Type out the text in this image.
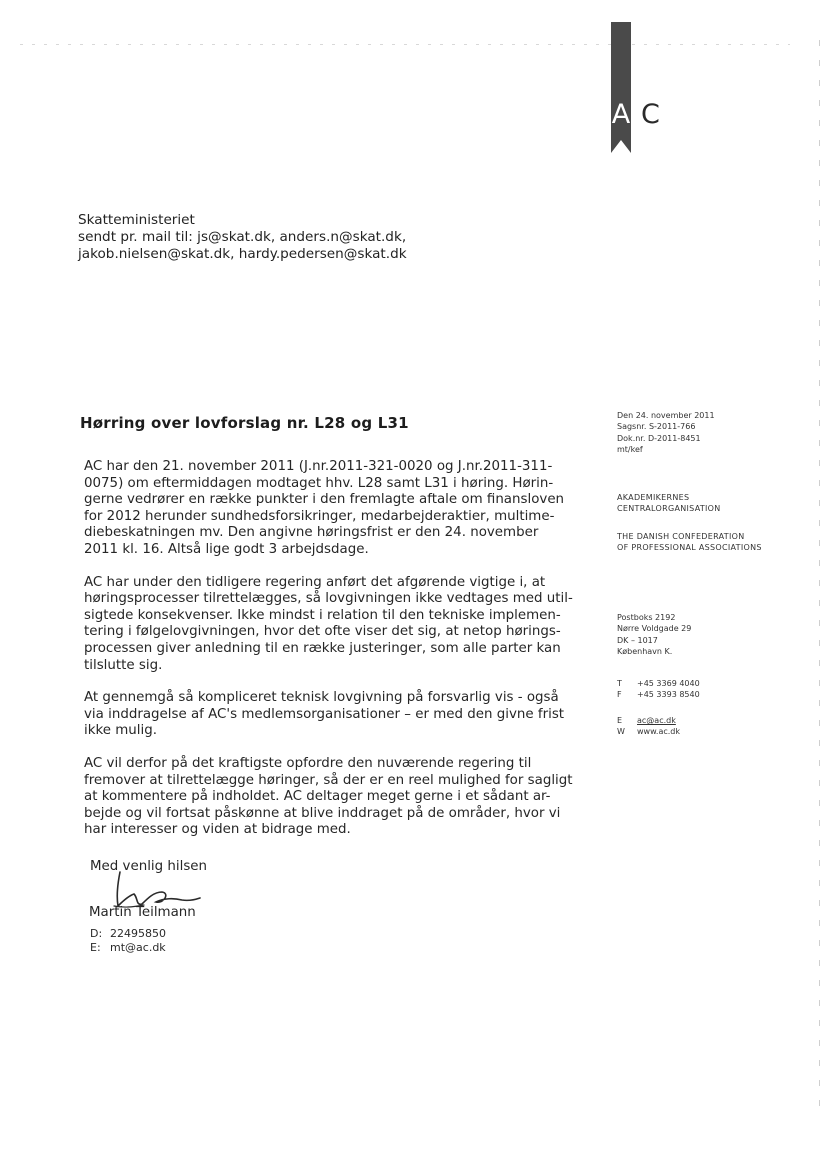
A C
Skatteministeriet
sendt pr. mail til: js@skat.dk, anders.n@skat.dk,
jakob.nielsen@skat.dk, hardy.pedersen@skat.dk
Hørring over lovforslag nr. L28 og L31
AC har den 21. november 2011 (J.nr.2011-321-0020 og J.nr.2011-311-
0075) om eftermiddagen modtaget hhv. L28 samt L31 i høring. Hørin-
gerne vedrører en række punkter i den fremlagte aftale om finansloven
for 2012 herunder sundhedsforsikringer, medarbejderaktier, multime-
diebeskatningen mv. Den angivne høringsfrist er den 24. november
2011 kl. 16. Altså lige godt 3 arbejdsdage.
AC har under den tidligere regering anført det afgørende vigtige i, at
høringsprocesser tilrettelægges, så lovgivningen ikke vedtages med util-
sigtede konsekvenser. Ikke mindst i relation til den tekniske implemen-
tering i følgelovgivningen, hvor det ofte viser det sig, at netop hørings-
processen giver anledning til en række justeringer, som alle parter kan
tilslutte sig.
At gennemgå så kompliceret teknisk lovgivning på forsvarlig vis - også
via inddragelse af AC's medlemsorganisationer – er med den givne frist
ikke mulig.
AC vil derfor på det kraftigste opfordre den nuværende regering til
fremover at tilrettelægge høringer, så der er en reel mulighed for sagligt
at kommentere på indholdet. AC deltager meget gerne i et sådant ar-
bejde og vil fortsat påskønne at blive inddraget på de områder, hvor vi
har interesser og viden at bidrage med.
Med venlig hilsen
Martin Teilmann
D: 22495850
E: mt@ac.dk
Den 24. november 2011
Sagsnr. S-2011-766
Dok.nr. D-2011-8451
mt/kef
AKADEMIKERNES
CENTRALORGANISATION
THE DANISH CONFEDERATION
OF PROFESSIONAL ASSOCIATIONS
Postboks 2192
Nørre Voldgade 29
DK – 1017
København K.
T +45 3369 4040
F +45 3393 8540
E ac@ac.dk
W www.ac.dk
